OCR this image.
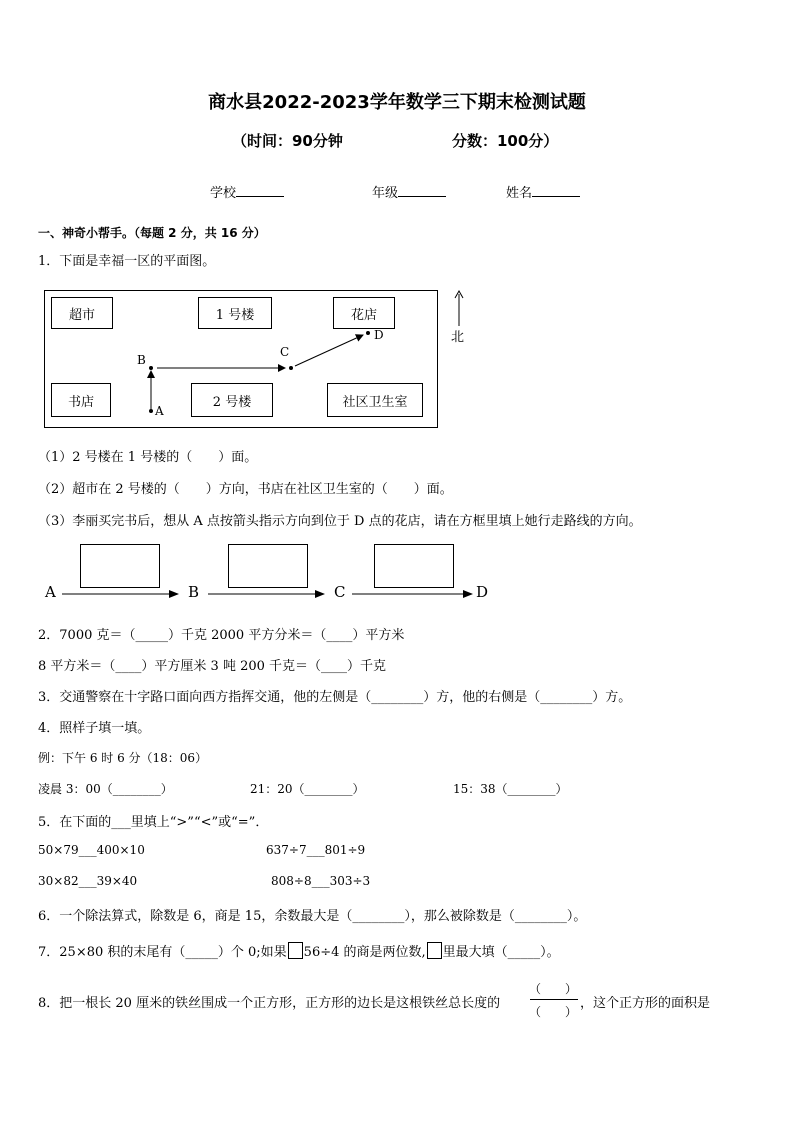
商水县2022-2023学年数学三下期末检测试题
（时间：90分钟	分数：100分）
学校	年级	姓名
一、神奇小帮手。（每题 2 分，共 16 分）
1．下面是幸福一区的平面图。
超市	1 号楼	花店
书店	2 号楼	社区卫生室
A
B
C
D	北
（1）2 号楼在 1 号楼的（　　）面。
（2）超市在 2 号楼的（　　）方向，书店在社区卫生室的（　　）面。
（3）李丽买完书后，想从 A 点按箭头指示方向到位于 D 点的花店，请在方框里填上她行走路线的方向。
A	B	C	D
2．7000 克＝（_____）千克 2000 平方分米＝（____）平方米
8 平方米＝（____）平方厘米 3 吨 200 千克＝（____）千克
3．交通警察在十字路口面向西方指挥交通，他的左侧是（________）方，他的右侧是（________）方。
4．照样子填一填。
例：下午 6 时 6 分（18：06）
凌晨 3：00（________）	21：20（________）	15：38（________）
5．在下面的___里填上“>”“<”或“=”．
50×79___400×10	637÷7___801÷9
30×82___39×40	808÷8___303÷3
6．一个除法算式，除数是 6，商是 15，余数最大是（________），那么被除数是（________）。
7．25×80 积的末尾有（_____）个 0;如果 56÷4 的商是两位数, 里最大填（_____）。
8．把一根长 20 厘米的铁丝围成一个正方形，正方形的边长是这根铁丝总长度的
（　　）
（　　）
，这个正方形的面积是
